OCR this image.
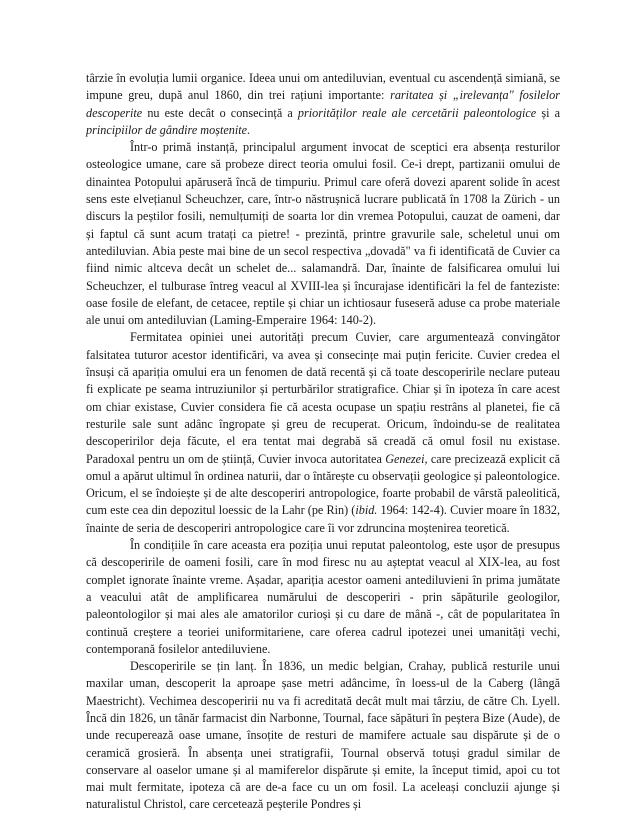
târzie în evoluția lumii organice. Ideea unui om antediluvian, eventual cu ascendență simiană, se impune greu, după anul 1860, din trei rațiuni importante: raritatea și „irelevanța" fosilelor descoperite nu este decât o consecință a priorităților reale ale cercetării paleontologice și a principiilor de gândire moștenite.

Într-o primă instanță, principalul argument invocat de sceptici era absența resturilor osteologice umane, care să probeze direct teoria omului fosil. Ce-i drept, partizanii omului de dinaintea Potopului apăruseră încă de timpuriu. Primul care oferă dovezi aparent solide în acest sens este elvețianul Scheuchzer, care, într-o năstrușnică lucrare publicată în 1708 la Zürich - un discurs la peștilor fosili, nemulțumiți de soarta lor din vremea Potopului, cauzat de oameni, dar și faptul că sunt acum tratați ca pietre! - prezintă, printre gravurile sale, scheletul unui om antediluvian. Abia peste mai bine de un secol respectiva „dovadă" va fi identificată de Cuvier ca fiind nimic altceva decât un schelet de... salamandră. Dar, înainte de falsificarea omului lui Scheuchzer, el tulburase întreg veacul al XVIII-lea și încurajase identificări la fel de fanteziste: oase fosile de elefant, de cetacee, reptile și chiar un ichtiosaur fuseseră aduse ca probe materiale ale unui om antediluvian (Laming-Emperaire 1964: 140-2).

Fermitatea opiniei unei autorități precum Cuvier, care argumentează convingător falsitatea tuturor acestor identificări, va avea și consecințe mai puțin fericite. Cuvier credea el însuși că apariția omului era un fenomen de dată recentă și că toate descoperirile neclare puteau fi explicate pe seama intruziunilor și perturbărilor stratigrafice. Chiar și în ipoteza în care acest om chiar existase, Cuvier considera fie că acesta ocupase un spațiu restrâns al planetei, fie că resturile sale sunt adânc îngropate și greu de recuperat. Oricum, îndoindu-se de realitatea descoperirilor deja făcute, el era tentat mai degrabă să creadă că omul fosil nu existase. Paradoxal pentru un om de știință, Cuvier invoca autoritatea Genezei, care precizează explicit că omul a apărut ultimul în ordinea naturii, dar o întărește cu observații geologice și paleontologice. Oricum, el se îndoiește și de alte descoperiri antropologice, foarte probabil de vârstă paleolitică, cum este cea din depozitul loessic de la Lahr (pe Rin) (ibid. 1964: 142-4). Cuvier moare în 1832, înainte de seria de descoperiri antropologice care îi vor zdruncina moștenirea teoretică.

În condițiile în care aceasta era poziția unui reputat paleontolog, este ușor de presupus că descoperirile de oameni fosili, care în mod firesc nu au așteptat veacul al XIX-lea, au fost complet ignorate înainte vreme. Așadar, apariția acestor oameni antediluvieni în prima jumătate a veacului atât de amplificarea numărului de descoperiri - prin săpăturile geologilor, paleontologilor și mai ales ale amatorilor curioși și cu dare de mână -, cât de popularitatea în continuă creștere a teoriei uniformitariene, care oferea cadrul ipotezei unei umanități vechi, contemporană fosilelor antediluviene.

Descoperirile se țin lanț. În 1836, un medic belgian, Crahay, publică resturile unui maxilar uman, descoperit la aproape șase metri adâncime, în loess-ul de la Caberg (lângă Maestricht). Vechimea descoperirii nu va fi acreditată decât mult mai târziu, de către Ch. Lyell. Încă din 1826, un tânăr farmacist din Narbonne, Tournal, face săpături în peștera Bize (Aude), de unde recuperează oase umane, însoțite de resturi de mamifere actuale sau dispărute și de o ceramică grosieră. În absența unei stratigrafii, Tournal observă totuși gradul similar de conservare al oaselor umane și al mamiferelor dispărute și emite, la început timid, apoi cu tot mai mult fermitate, ipoteza că are de-a face cu un om fosil. La aceleași concluzii ajunge și naturalistul Christol, care cercetează peșterile Pondres și
